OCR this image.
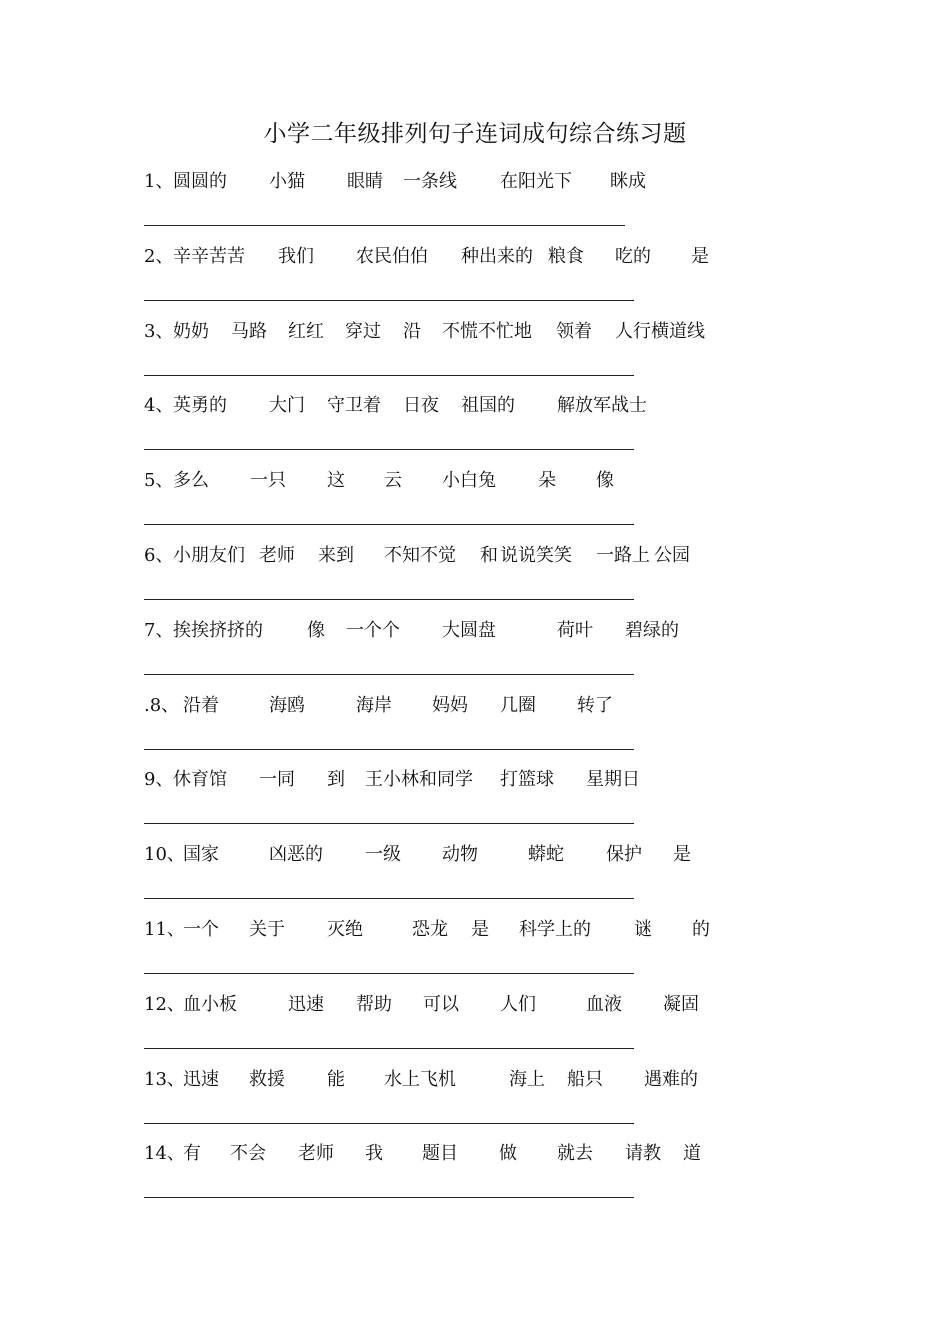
小学二年级排列句子连词成句综合练习题
1、 圆圆的 小猫 眼睛 一条线 在阳光下 眯成
2、 辛辛苦苦 我们 农民伯伯 种出来的 粮食 吃的 是
3、 奶奶 马路 红红 穿过 沿 不慌不忙地 领着 人行横道线
4、 英勇的 大门 守卫着 日夜 祖国的 解放军战士
5、 多么 一只 这 云 小白兔 朵 像
6、 小朋友们 老师 来到 不知不觉 和 说说笑笑 一路上 公园
7、 挨挨挤挤的 像 一个个 大圆盘	荷叶 碧绿的
.8、 沿着	海鸥	海岸 妈妈 几圈 转了
9、 休育馆 一同 到 王小林和同学 打篮球 星期日
10、
国家	凶恶的 一级 动物	蟒蛇 保护 是
11、
一个 关于 灭绝	恐龙 是 科学上的 谜 的
12、
血小板	迅速 帮助 可以 人们	血液 凝固
13、
迅速 救援 能 水上飞机	海上 船只 遇难的
14、
有 不会 老师 我 题目 做 就去 请教 道
